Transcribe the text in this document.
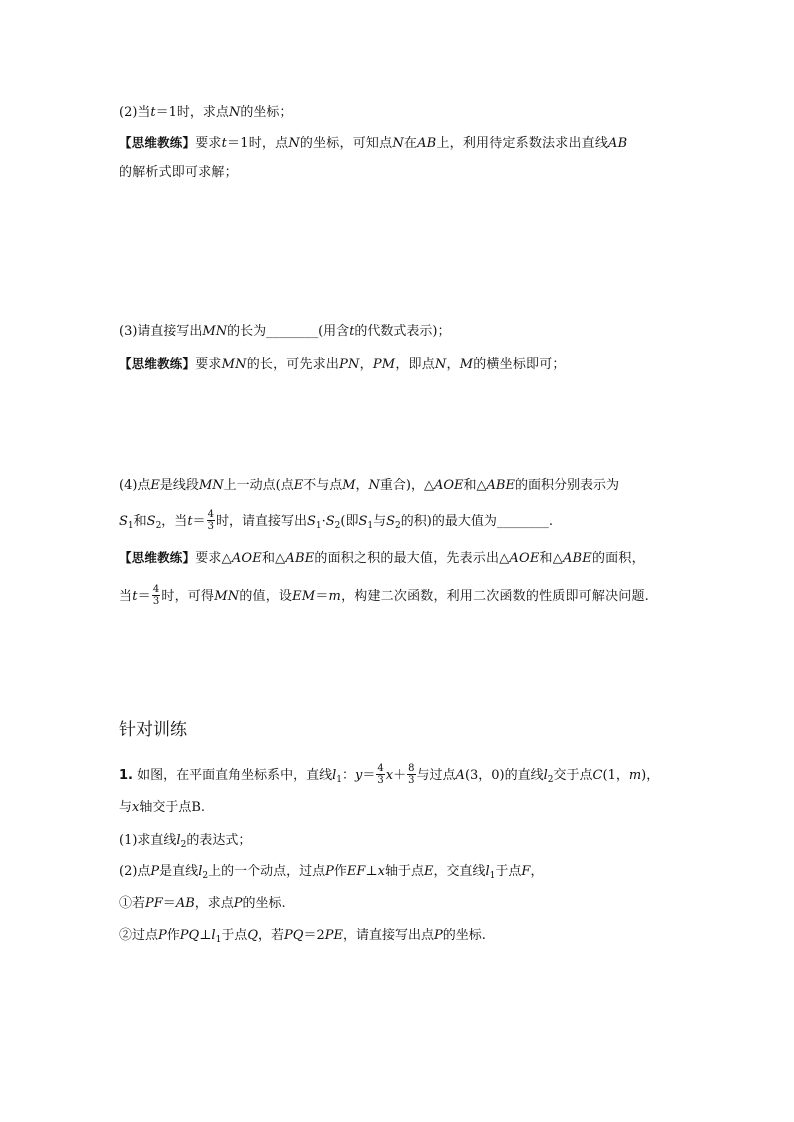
(2)当t＝1时，求点N的坐标；
【思维教练】要求t＝1时，点N的坐标，可知点N在AB上，利用待定系数法求出直线AB
的解析式即可求解；
(3)请直接写出MN的长为________(用含t的代数式表示)；
【思维教练】要求MN的长，可先求出PN，PM，即点N，M的横坐标即可；
(4)点E是线段MN上一动点(点E不与点M，N重合)，△AOE和△ABE的面积分别表示为
$S_1$和$S_2$，当$t= \frac{4}{3}$ 时，请直接写出$S_1\cdot S_2$(即$S_1$与$S_2$的积)的最大值为________.
【思维教练】要求△AOE和△ABE的面积之积的最大值，先表示出△AOE和△ABE的面积，
当$t= \frac{4}{3}$ 时，可得MN的值，设EM＝m，构建二次函数，利用二次函数的性质即可解决问题.
针对训练
1. 如图，在平面直角坐标系中，直线$l_1$：$y= \frac{4}{3} x+ \frac{8}{3}$ 与过点A(3，0)的直线$l_2$交于点C(1，m)，
与x轴交于点B.
(1)求直线$l_2$的表达式；
(2)点P是直线$l_2$上的一个动点，过点P作EF⊥x轴于点E，交直线$l_1$于点F，
①若PF＝AB，求点P的坐标.
②过点P作$PQ\perp l_1$于点Q，若PQ＝2PE，请直接写出点P的坐标.
